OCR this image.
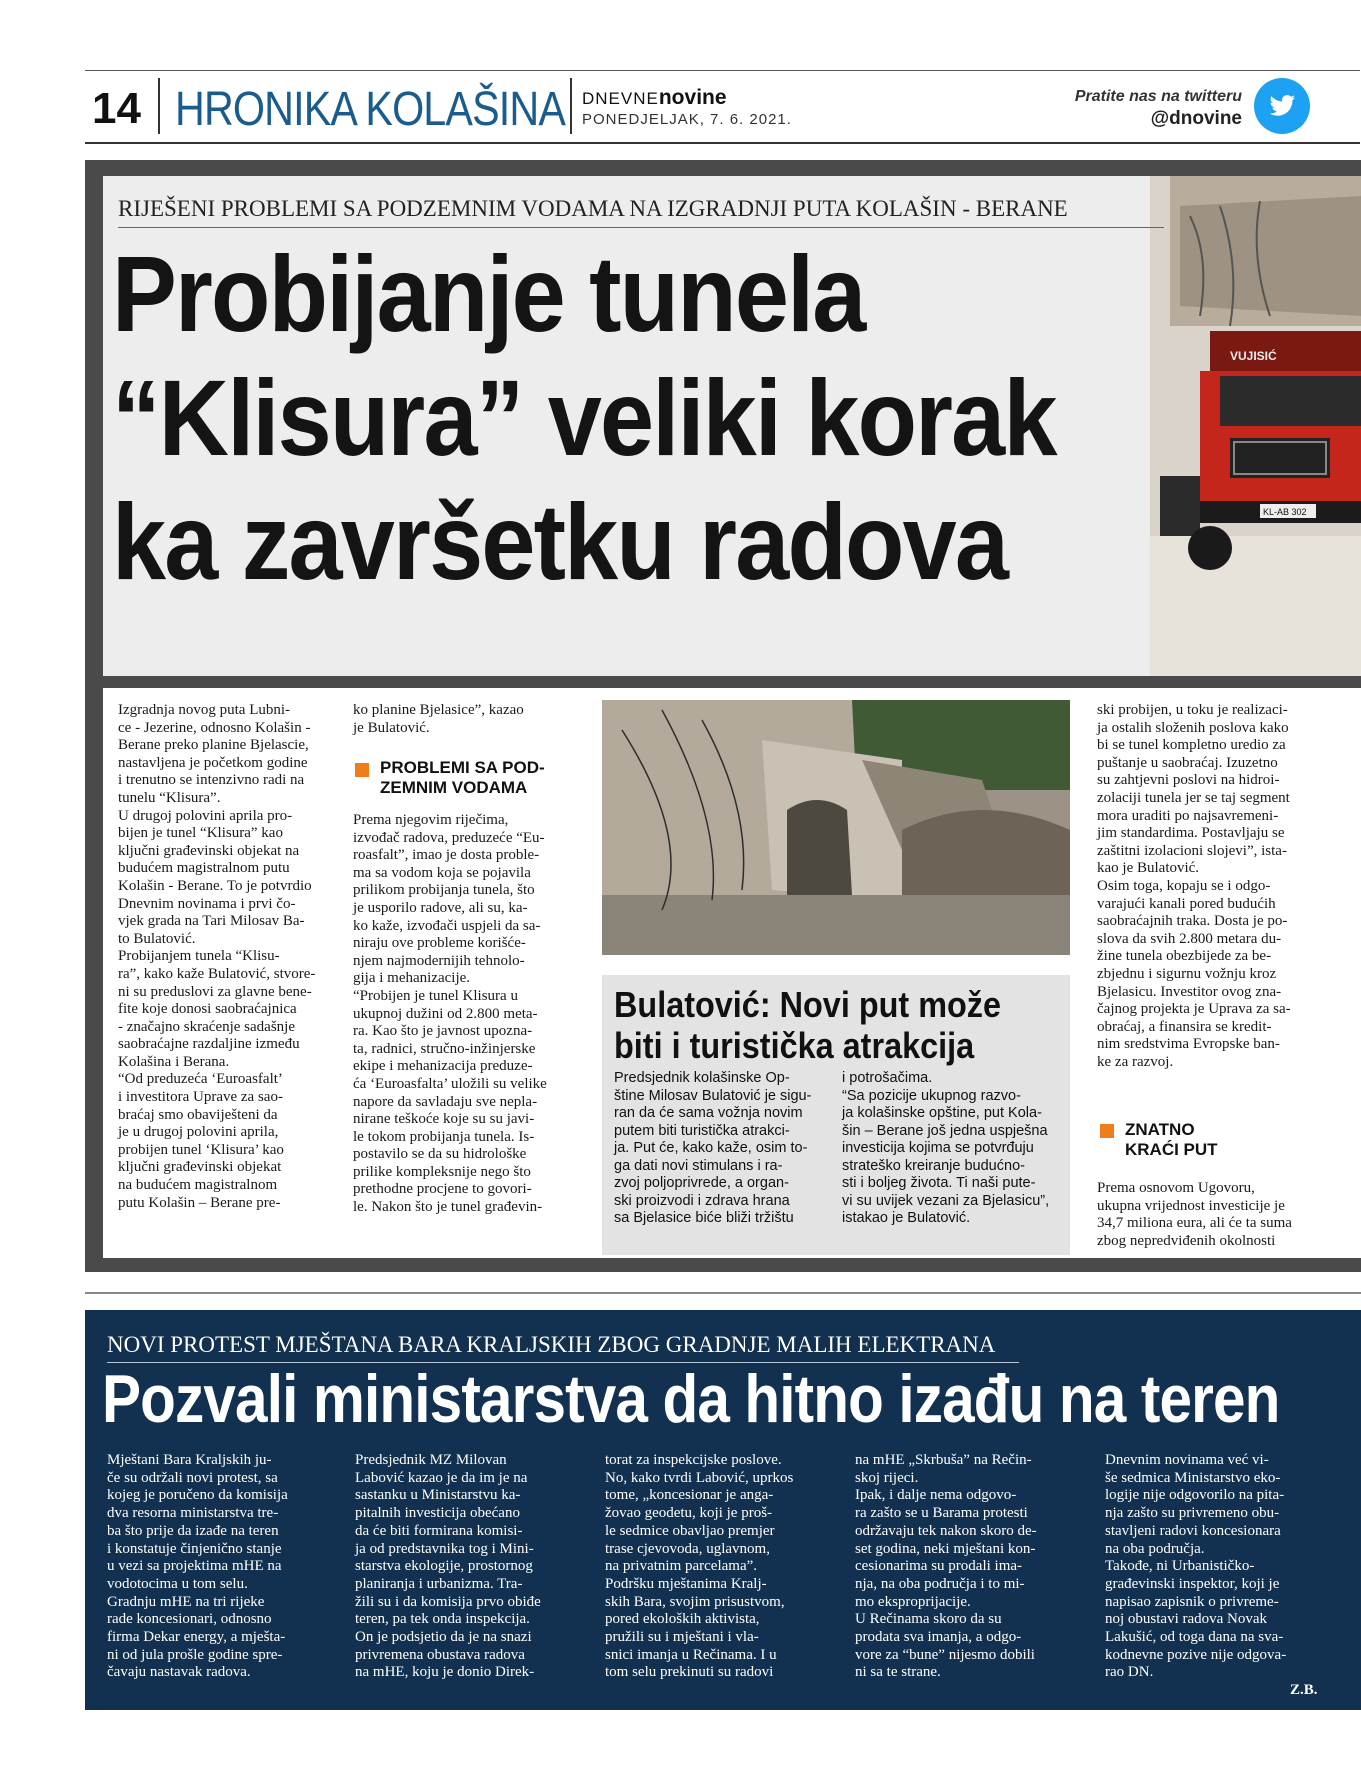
14 HRONIKA KOLAŠINA DNEVNEnovine
PONEDJELJAK, 7. 6. 2021.
Pratite nas na twitteru
@dnovine
VUJISIĆ
KL-AB 302
RIJEŠENI PROBLEMI SA PODZEMNIM VODAMA NA IZGRADNJI PUTA KOLAŠIN - BERANE
Probijanje tunela
“Klisura” veliki korak
ka završetku radova
Izgradnja novog puta Lubni-
ce - Jezerine, odnosno Kolašin -
Berane preko planine Bjelascie,
nastavljena je početkom godine
i trenutno se intenzivno radi na
tunelu “Klisura”.
U drugoj polovini aprila pro-
bijen je tunel “Klisura” kao
ključni građevinski objekat na
budućem magistralnom putu
Kolašin - Berane. To je potvrdio
Dnevnim novinama i prvi čo-
vjek grada na Tari Milosav Ba-
to Bulatović.
Probijanjem tunela “Klisu-
ra”, kako kaže Bulatović, stvore-
ni su preduslovi za glavne bene-
fite koje donosi saobraćajnica
- značajno skraćenje sadašnje
saobraćajne razdaljine između
Kolašina i Berana.
“Od preduzeća ‘Euroasfalt’
i investitora Uprave za sao-
braćaj smo obaviješteni da
je u drugoj polovini aprila,
probijen tunel ‘Klisura’ kao
ključni građevinski objekat
na budućem magistralnom
putu Kolašin – Berane pre-
ko planine Bjelasice”, kazao
je Bulatović.
PROBLEMI SA POD-
ZEMNIM VODAMA
Prema njegovim riječima,
izvođač radova, preduzeće “Eu-
roasfalt”, imao je dosta proble-
ma sa vodom koja se pojavila
prilikom probijanja tunela, što
je usporilo radove, ali su, ka-
ko kaže, izvođači uspjeli da sa-
niraju ove probleme korišće-
njem najmodernijih tehnolo-
gija i mehanizacije.
“Probijen je tunel Klisura u
ukupnoj dužini od 2.800 meta-
ra. Kao što je javnost upozna-
ta, radnici, stručno-inžinjerske
ekipe i mehanizacija preduze-
ća ‘Euroasfalta’ uložili su velike
napore da savladaju sve nepla-
nirane teškoće koje su su javi-
le tokom probijanja tunela. Is-
postavilo se da su hidrološke
prilike kompleksnije nego što
prethodne procjene to govori-
le. Nakon što je tunel građevin-
Bulatović: Novi put može
biti i turistička atrakcija
Predsjednik kolašinske Op-
štine Milosav Bulatović je sigu-
ran da će sama vožnja novim
putem biti turistička atrakci-
ja. Put će, kako kaže, osim to-
ga dati novi stimulans i ra-
zvoj poljoprivrede, a organ-
ski proizvodi i zdrava hrana
sa Bjelasice biće bliži tržištu
i potrošačima.
“Sa pozicije ukupnog razvo-
ja kolašinske opštine, put Kola-
šin – Berane još jedna uspješna
investicija kojima se potvrđuju
strateško kreiranje budućno-
sti i boljeg života. Ti naši pute-
vi su uvijek vezani za Bjelasicu”,
istakao je Bulatović.
ski probijen, u toku je realizaci-
ja ostalih složenih poslova kako
bi se tunel kompletno uredio za
puštanje u saobraćaj. Izuzetno
su zahtjevni poslovi na hidroi-
zolaciji tunela jer se taj segment
mora uraditi po najsavremeni-
jim standardima. Postavljaju se
zaštitni izolacioni slojevi”, ista-
kao je Bulatović.
Osim toga, kopaju se i odgo-
varajući kanali pored budućih
saobraćajnih traka. Dosta je po-
slova da svih 2.800 metara du-
žine tunela obezbijede za be-
zbjednu i sigurnu vožnju kroz
Bjelasicu. Investitor ovog zna-
čajnog projekta je Uprava za sa-
obraćaj, a finansira se kredit-
nim sredstvima Evropske ban-
ke za razvoj.
ZNATNO
KRAĆI PUT
Prema osnovom Ugovoru,
ukupna vrijednost investicije je
34,7 miliona eura, ali će ta suma
zbog nepredviđenih okolnosti
NOVI PROTEST MJEŠTANA BARA KRALJSKIH ZBOG GRADNJE MALIH ELEKTRANA
Pozvali ministarstva da hitno izađu na teren
Mještani Bara Kraljskih ju-
če su održali novi protest, sa
kojeg je poručeno da komisija
dva resorna ministarstva tre-
ba što prije da izađe na teren
i konstatuje činjenično stanje
u vezi sa projektima mHE na
vodotocima u tom selu.
Gradnju mHE na tri rijeke
rade koncesionari, odnosno
firma Dekar energy, a mješta-
ni od jula prošle godine spre-
čavaju nastavak radova.
Predsjednik MZ Milovan
Labović kazao je da im je na
sastanku u Ministarstvu ka-
pitalnih investicija obećano
da će biti formirana komisi-
ja od predstavnika tog i Mini-
starstva ekologije, prostornog
planiranja i urbanizma. Tra-
žili su i da komisija prvo obiđe
teren, pa tek onda inspekcija.
On je podsjetio da je na snazi
privremena obustava radova
na mHE, koju je donio Direk-
torat za inspekcijske poslove.
No, kako tvrdi Labović, uprkos
tome, „koncesionar je anga-
žovao geodetu, koji je proš-
le sedmice obavljao premjer
trase cjevovoda, uglavnom,
na privatnim parcelama”.
Podršku mještanima Kralj-
skih Bara, svojim prisustvom,
pored ekoloških aktivista,
pružili su i mještani i vla-
snici imanja u Rečinama. I u
tom selu prekinuti su radovi
na mHE „Skrbuša” na Rečin-
skoj rijeci.
Ipak, i dalje nema odgovo-
ra zašto se u Barama protesti
održavaju tek nakon skoro de-
set godina, neki mještani kon-
cesionarima su prodali ima-
nja, na oba područja i to mi-
mo eksproprijacije.
U Rečinama skoro da su
prodata sva imanja, a odgo-
vore za “bune” nijesmo dobili
ni sa te strane.
Dnevnim novinama već vi-
še sedmica Ministarstvo eko-
logije nije odgovorilo na pita-
nja zašto su privremeno obu-
stavljeni radovi koncesionara
na oba područja.
Takođe, ni Urbanističko-
građevinski inspektor, koji je
napisao zapisnik o privreme-
noj obustavi radova Novak
Lakušić, od toga dana na sva-
kodnevne pozive nije odgova-
rao DN.
Z.B.
